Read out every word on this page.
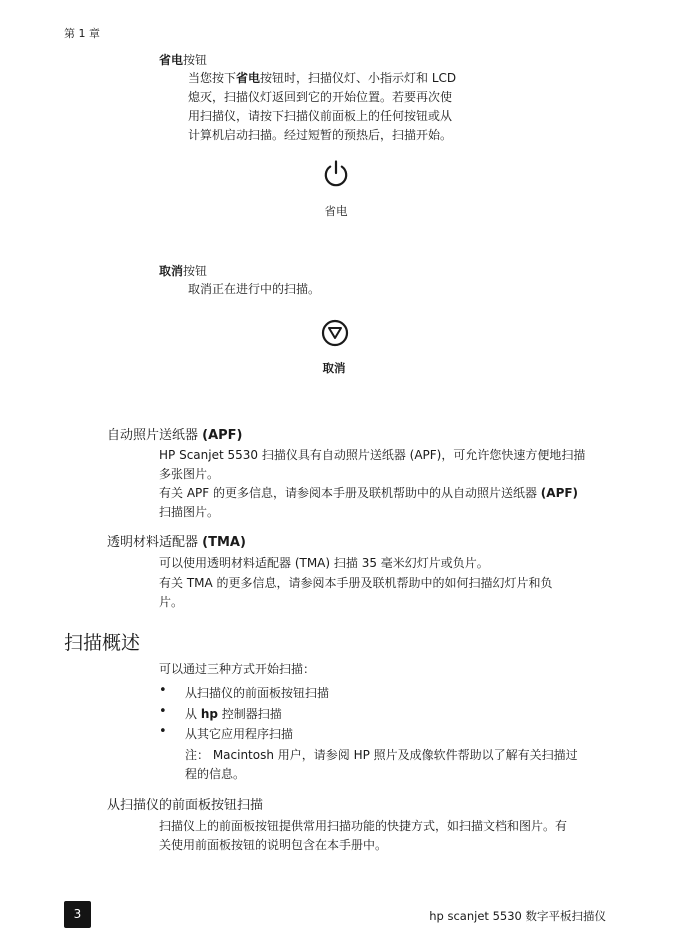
第 1 章
省电按钮
当您按下省电按钮时，扫描仪灯、小指示灯和 LCD
熄灭，扫描仪灯返回到它的开始位置。若要再次使
用扫描仪，请按下扫描仪前面板上的任何按钮或从
计算机启动扫描。经过短暂的预热后，扫描开始。
省电
取消按钮
取消正在进行中的扫描。
取消
自动照片送纸器 (APF)
HP Scanjet 5530 扫描仪具有自动照片送纸器 (APF)，可允许您快速方便地扫描
多张图片。
有关 APF 的更多信息，请参阅本手册及联机帮助中的从自动照片送纸器 (APF)
扫描图片。
透明材料适配器 (TMA)
可以使用透明材料适配器 (TMA) 扫描 35 毫米幻灯片或负片。
有关 TMA 的更多信息，请参阅本手册及联机帮助中的如何扫描幻灯片和负
片。
扫描概述
可以通过三种方式开始扫描：
• 从扫描仪的前面板按钮扫描
• 从 hp 控制器扫描
• 从其它应用程序扫描
注： Macintosh 用户，请参阅 HP 照片及成像软件帮助以了解有关扫描过
程的信息。
从扫描仪的前面板按钮扫描
扫描仪上的前面板按钮提供常用扫描功能的快捷方式，如扫描文档和图片。有
关使用前面板按钮的说明包含在本手册中。
3	hp scanjet 5530 数字平板扫描仪
